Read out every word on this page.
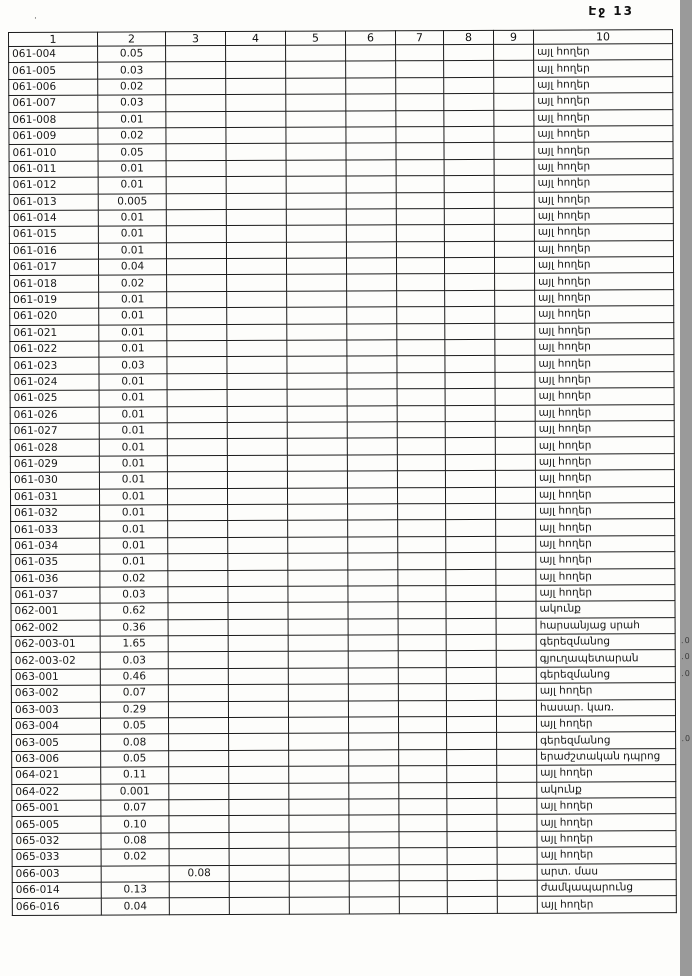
·
Էջ 13
1	2	3	4	5	6	7	8	9	10
061-004	0.05								այլ հողեր
061-005	0.03								այլ հողեր
061-006	0.02								այլ հողեր
061-007	0.03								այլ հողեր
061-008	0.01								այլ հողեր
061-009	0.02								այլ հողեր
061-010	0.05								այլ հողեր
061-011	0.01								այլ հողեր
061-012	0.01								այլ հողեր
061-013	0.005								այլ հողեր
061-014	0.01								այլ հողեր
061-015	0.01								այլ հողեր
061-016	0.01								այլ հողեր
061-017	0.04								այլ հողեր
061-018	0.02								այլ հողեր
061-019	0.01								այլ հողեր
061-020	0.01								այլ հողեր
061-021	0.01								այլ հողեր
061-022	0.01								այլ հողեր
061-023	0.03								այլ հողեր
061-024	0.01								այլ հողեր
061-025	0.01								այլ հողեր
061-026	0.01								այլ հողեր
061-027	0.01								այլ հողեր
061-028	0.01								այլ հողեր
061-029	0.01								այլ հողեր
061-030	0.01								այլ հողեր
061-031	0.01								այլ հողեր
061-032	0.01								այլ հողեր
061-033	0.01								այլ հողեր
061-034	0.01								այլ հողեր
061-035	0.01								այլ հողեր
061-036	0.02								այլ հողեր
061-037	0.03								այլ հողեր
062-001	0.62								ակունք
062-002	0.36								հարսանյաց սրահ
062-003-01	1.65								գերեզմանոց .0

062-003-02	0.03								գյուղապետարան .0

063-001	0.46								գերեզմանոց .0

063-002	0.07								այլ հողեր
063-003	0.29								հասար. կառ.
063-004	0.05								այլ հողեր
063-005	0.08								գերեզմանոց .0

063-006	0.05								երաժշտական դպրոց
064-021	0.11								այլ հողեր
064-022	0.001								ակունք
065-001	0.07								այլ հողեր
065-005	0.10								այլ հողեր
065-032	0.08								այլ հողեր
065-033	0.02								այլ հողեր
066-003		0.08							արտ. մաս
066-014	0.13								ժամկապարունց
066-016	0.04								այլ հողեր
